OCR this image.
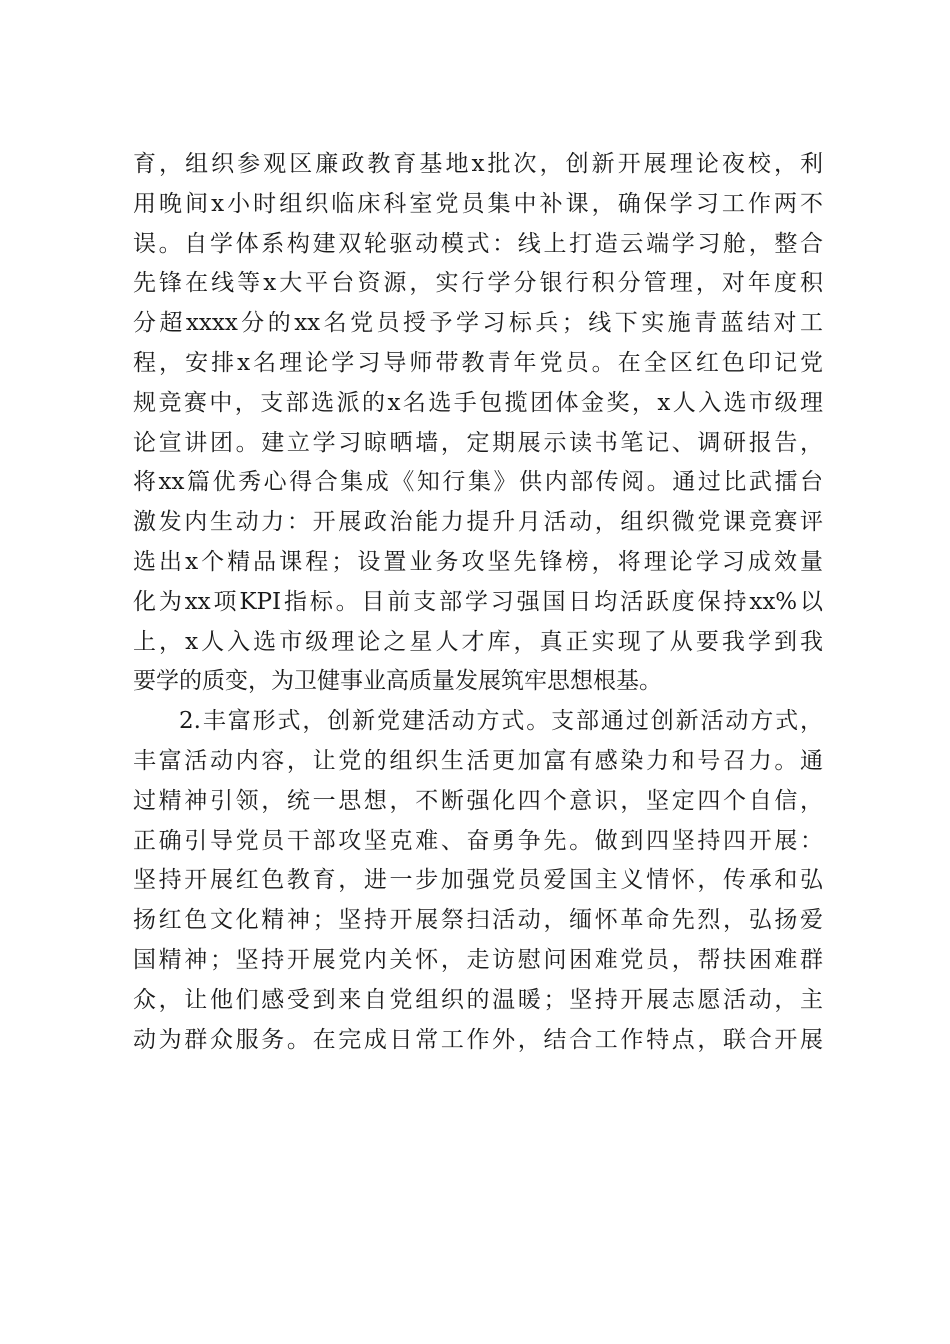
育，组织参观区廉政教育基地x批次，创新开展理论夜校，利
用晚间x小时组织临床科室党员集中补课，确保学习工作两不
误。自学体系构建双轮驱动模式：线上打造云端学习舱，整合
先锋在线等x大平台资源，实行学分银行积分管理，对年度积
分超xxxx分的xx名党员授予学习标兵；线下实施青蓝结对工
程，安排x名理论学习导师带教青年党员。在全区红色印记党
规竞赛中，支部选派的x名选手包揽团体金奖，x人入选市级理
论宣讲团。建立学习晾晒墙，定期展示读书笔记、调研报告，
将xx篇优秀心得合集成《知行集》供内部传阅。通过比武擂台
激发内生动力：开展政治能力提升月活动，组织微党课竞赛评
选出x个精品课程；设置业务攻坚先锋榜，将理论学习成效量
化为xx项KPI指标。目前支部学习强国日均活跃度保持xx%以
上，x人入选市级理论之星人才库，真正实现了从要我学到我
要学的质变，为卫健事业高质量发展筑牢思想根基。
2.丰富形式，创新党建活动方式。支部通过创新活动方式，
丰富活动内容，让党的组织生活更加富有感染力和号召力。通
过精神引领，统一思想，不断强化四个意识，坚定四个自信，
正确引导党员干部攻坚克难、奋勇争先。做到四坚持四开展：
坚持开展红色教育，进一步加强党员爱国主义情怀，传承和弘
扬红色文化精神；坚持开展祭扫活动，缅怀革命先烈，弘扬爱
国精神；坚持开展党内关怀，走访慰问困难党员，帮扶困难群
众，让他们感受到来自党组织的温暖；坚持开展志愿活动，主
动为群众服务。在完成日常工作外，结合工作特点，联合开展
